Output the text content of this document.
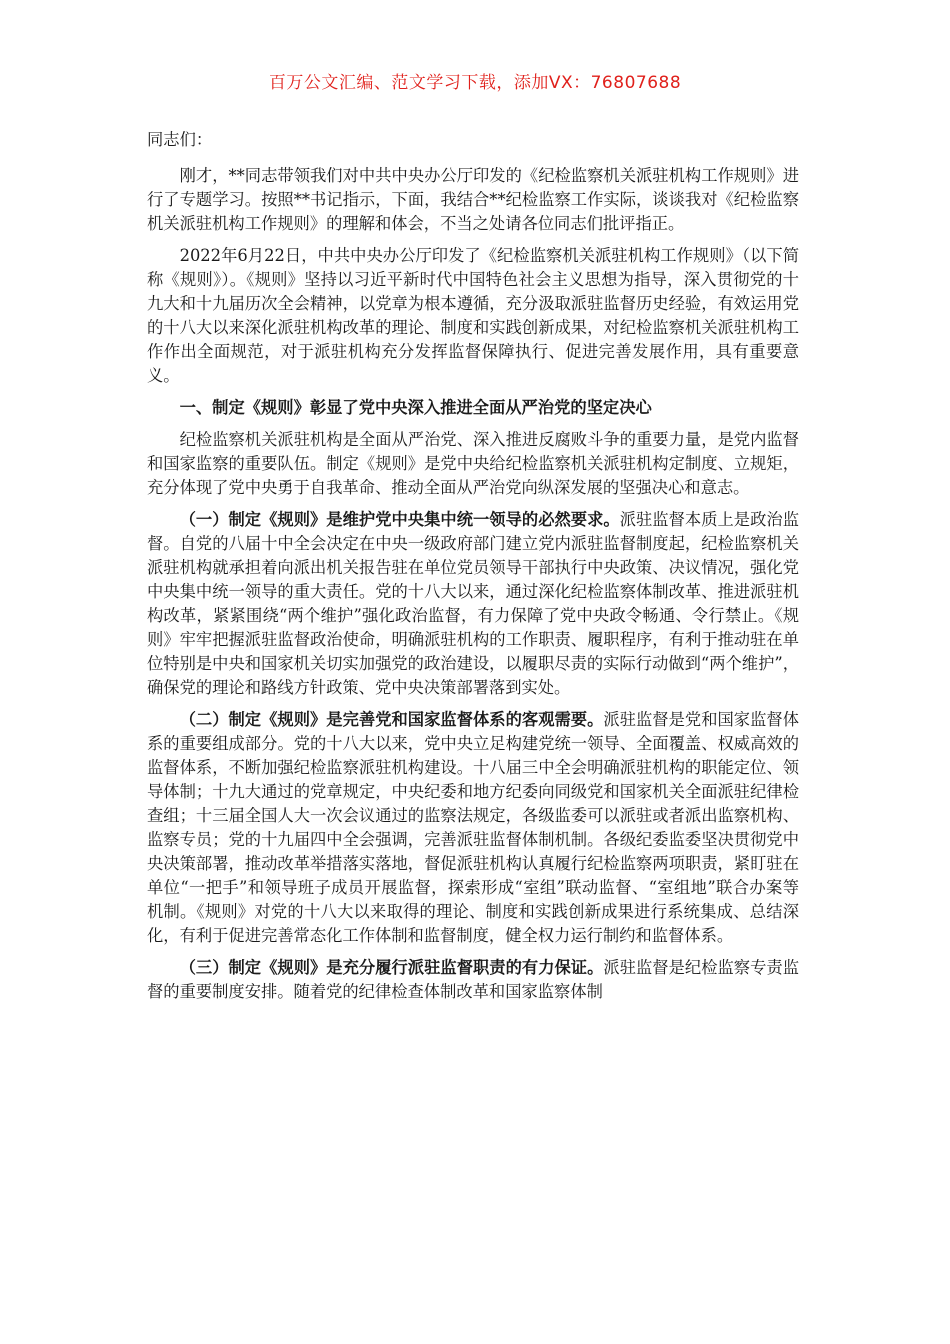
百万公文汇编、范文学习下载，添加VX：76807688

同志们：

刚才，**同志带领我们对中共中央办公厅印发的《纪检监察机关派驻机构工作规则》进行了专题学习。按照**书记指示，下面，我结合**纪检监察工作实际，谈谈我对《纪检监察机关派驻机构工作规则》的理解和体会，不当之处请各位同志们批评指正。

2022年6月22日，中共中央办公厅印发了《纪检监察机关派驻机构工作规则》（以下简称《规则》）。《规则》坚持以习近平新时代中国特色社会主义思想为指导，深入贯彻党的十九大和十九届历次全会精神，以党章为根本遵循，充分汲取派驻监督历史经验，有效运用党的十八大以来深化派驻机构改革的理论、制度和实践创新成果，对纪检监察机关派驻机构工作作出全面规范，对于派驻机构充分发挥监督保障执行、促进完善发展作用，具有重要意义。

一、制定《规则》彰显了党中央深入推进全面从严治党的坚定决心

纪检监察机关派驻机构是全面从严治党、深入推进反腐败斗争的重要力量，是党内监督和国家监察的重要队伍。制定《规则》是党中央给纪检监察机关派驻机构定制度、立规矩，充分体现了党中央勇于自我革命、推动全面从严治党向纵深发展的坚强决心和意志。

（一）制定《规则》是维护党中央集中统一领导的必然要求。派驻监督本质上是政治监督。自党的八届十中全会决定在中央一级政府部门建立党内派驻监督制度起，纪检监察机关派驻机构就承担着向派出机关报告驻在单位党员领导干部执行中央政策、决议情况，强化党中央集中统一领导的重大责任。党的十八大以来，通过深化纪检监察体制改革、推进派驻机构改革，紧紧围绕“两个维护”强化政治监督，有力保障了党中央政令畅通、令行禁止。《规则》牢牢把握派驻监督政治使命，明确派驻机构的工作职责、履职程序，有利于推动驻在单位特别是中央和国家机关切实加强党的政治建设，以履职尽责的实际行动做到“两个维护”，确保党的理论和路线方针政策、党中央决策部署落到实处。

（二）制定《规则》是完善党和国家监督体系的客观需要。派驻监督是党和国家监督体系的重要组成部分。党的十八大以来，党中央立足构建党统一领导、全面覆盖、权威高效的监督体系，不断加强纪检监察派驻机构建设。十八届三中全会明确派驻机构的职能定位、领导体制；十九大通过的党章规定，中央纪委和地方纪委向同级党和国家机关全面派驻纪律检查组；十三届全国人大一次会议通过的监察法规定，各级监委可以派驻或者派出监察机构、监察专员；党的十九届四中全会强调，完善派驻监督体制机制。各级纪委监委坚决贯彻党中央决策部署，推动改革举措落实落地，督促派驻机构认真履行纪检监察两项职责，紧盯驻在单位“一把手”和领导班子成员开展监督，探索形成“室组”联动监督、“室组地”联合办案等机制。《规则》对党的十八大以来取得的理论、制度和实践创新成果进行系统集成、总结深化，有利于促进完善常态化工作体制和监督制度，健全权力运行制约和监督体系。

（三）制定《规则》是充分履行派驻监督职责的有力保证。派驻监督是纪检监察专责监督的重要制度安排。随着党的纪律检查体制改革和国家监察体制
